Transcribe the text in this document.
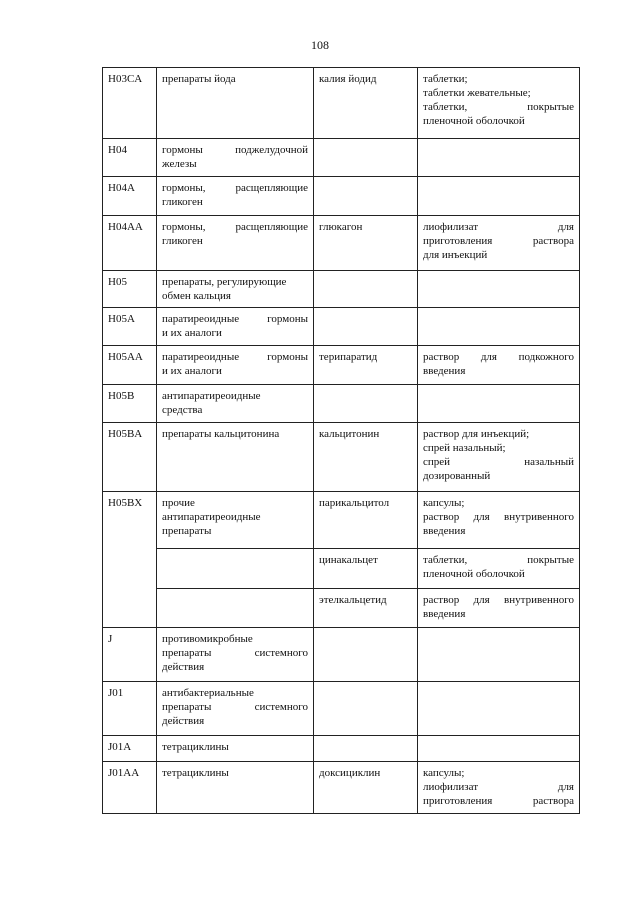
108
H03CA	препараты йода	калия йодид	таблетки;
таблетки жевательные;
таблетки, покрытые
пленочной оболочкой

H04	гормоны поджелудочной
железы		

H04A	гормоны, расщепляющие
гликоген		

H04AA	гормоны, расщепляющие
гликоген	глюкагон	лиофилизат для
приготовления раствора
для инъекций

H05	препараты, регулирующие
обмен кальция		

H05A	паратиреоидные гормоны
и их аналоги		

H05AA	паратиреоидные гормоны
и их аналоги	терипаратид	раствор для подкожного
введения

H05B	антипаратиреоидные
средства		

H05BA	препараты кальцитонина	кальцитонин	раствор для инъекций;
спрей назальный;
спрей назальный
дозированный

H05BX	прочие
антипаратиреоидные
препараты	парикальцитол	капсулы;
раствор для внутривенного
введения

		цинакальцет	таблетки, покрытые
пленочной оболочкой

		этелкальцетид	раствор для внутривенного
введения

J	противомикробные
препараты системного
действия		

J01	антибактериальные
препараты системного
действия		

J01A	тетрациклины		
J01AA	тетрациклины	доксициклин	капсулы;
лиофилизат для
приготовления раствора
